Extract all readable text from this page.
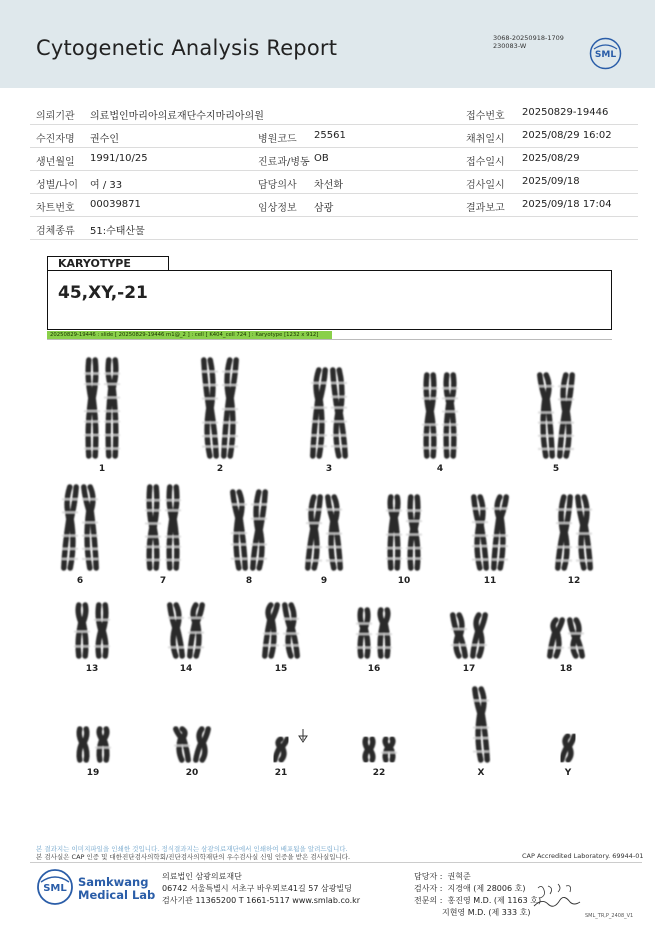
Cytogenetic Analysis Report	3068-20250918-1709
230083-W
SML
의뢰기관 의료법인마리아의료재단수지마리아의원	접수번호 20250829-19446
수진자명 권수인	병원코드 25561	채취일시 2025/08/29 16:02
생년월일 1991/10/25	진료과/병동 OB	접수일시 2025/08/29
성별/나이 여 / 33	담당의사 차선화	검사일시 2025/09/18
차트번호 00039871	임상정보 삼광	결과보고 2025/09/18 17:04
검체종류 51:수태산물
KARYOTYPE
45,XY,-21
20250829-19446 : slide [ 20250829-19446 m1@_2 ] : cell [ K404_cell 724 ] : Karyotype [1232 x 912]
1	2	3	4	5
6	7	8	9	10	11	12
13	14	15	16	17	18
19	20	21	22	X	Y
본 결과지는 이미지파일을 인쇄한 것입니다. 정식결과지는 삼광의료재단에서 인쇄하여 배포됨을 알려드립니다.
본 검사실은 CAP 인증 및 대한진단검사의학회/진단검사의학재단의 우수검사실 신임 인증을 받은 검사실입니다.	CAP Accredited Laboratory. 69944-01
SML Samkwang
Medical Lab
의료법인 삼광의료재단
06742 서울특별시 서초구 바우뫼로41길 57 삼광빌딩
검사기관 11365200 T 1661-5117 www.smlab.co.kr
담당자 :  권혁준
검사자 :  지경애 (제 28006 호)
전문의 :  홍진영 M.D. (제 1163 호)
지현영 M.D. (제 333 호)	SML_TR,P_2408_V1
